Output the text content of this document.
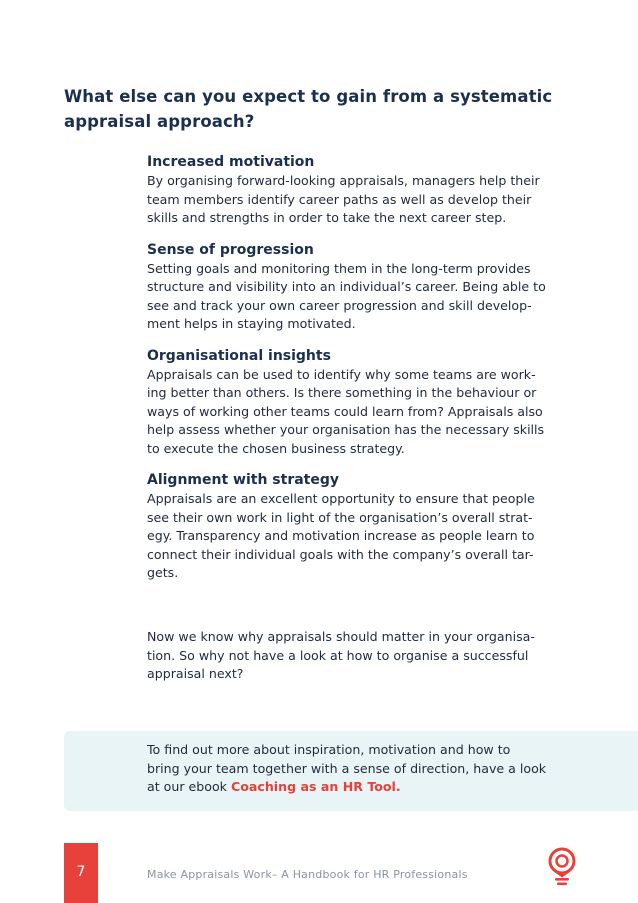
What else can you expect to gain from a systematic
appraisal approach?

Increased motivation

By organising forward-looking appraisals, managers help their
team members identify career paths as well as develop their
skills and strengths in order to take the next career step.

Sense of progression

Setting goals and monitoring them in the long-term provides
structure and visibility into an individual’s career. Being able to
see and track your own career progression and skill develop-
ment helps in staying motivated.

Organisational insights

Appraisals can be used to identify why some teams are work-
ing better than others. Is there something in the behaviour or
ways of working other teams could learn from? Appraisals also
help assess whether your organisation has the necessary skills
to execute the chosen business strategy.

Alignment with strategy

Appraisals are an excellent opportunity to ensure that people
see their own work in light of the organisation’s overall strat-
egy. Transparency and motivation increase as people learn to
connect their individual goals with the company’s overall tar-
gets.

Now we know why appraisals should matter in your organisa-
tion. So why not have a look at how to organise a successful
appraisal next?

To find out more about inspiration, motivation and how to
bring your team together with a sense of direction, have a look
at our ebook Coaching as an HR Tool.

7	Make Appraisals Work– A Handbook for HR Professionals
